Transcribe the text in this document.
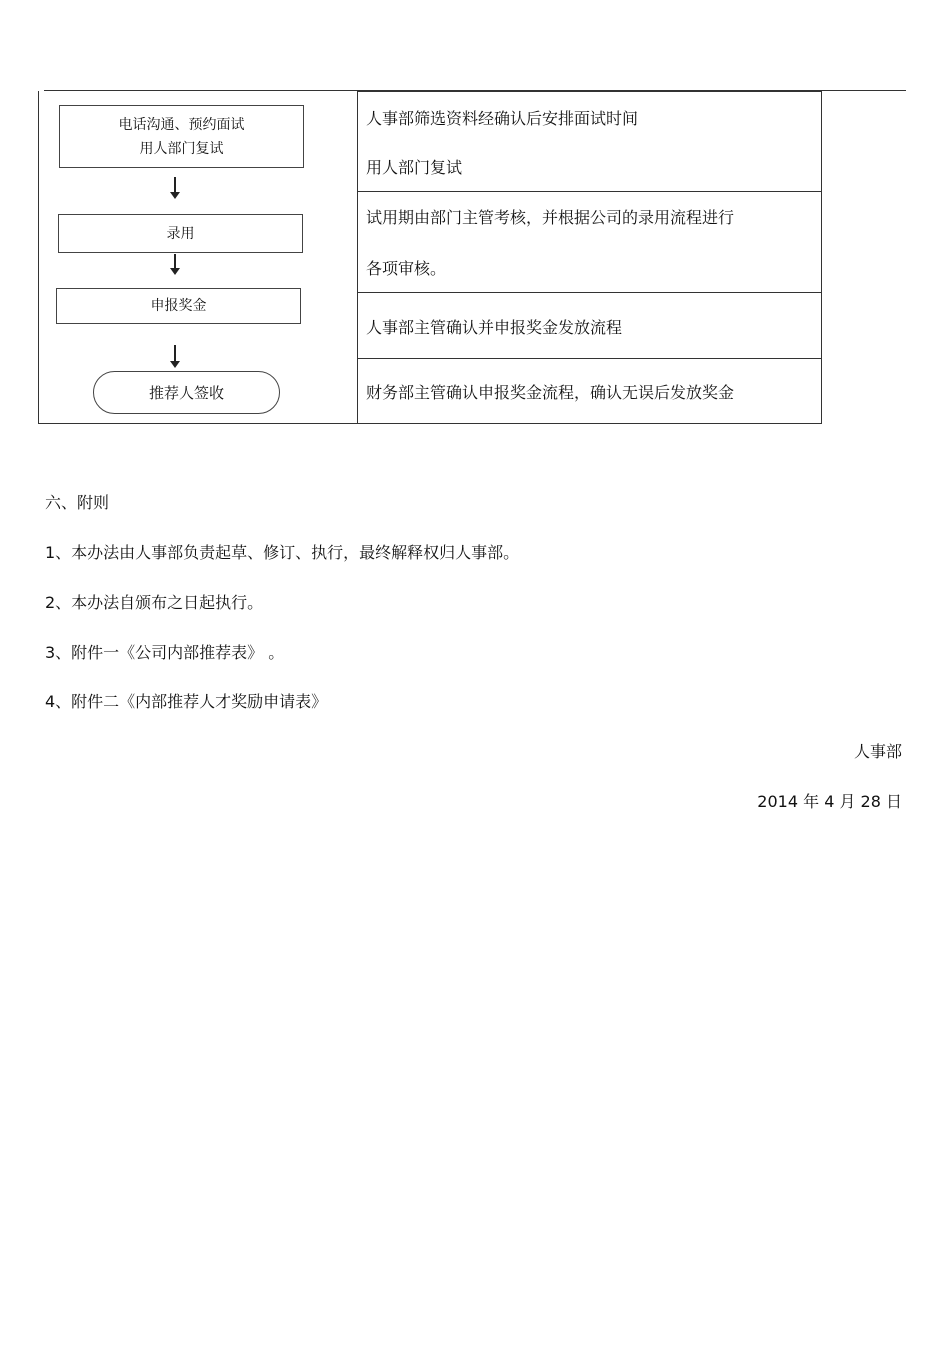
电话沟通、预约面试
用人部门复试
录用
申报奖金
推荐人签收
人事部筛选资料经确认后安排面试时间
用人部门复试
试用期由部门主管考核，并根据公司的录用流程进行
各项审核。
人事部主管确认并申报奖金发放流程
财务部主管确认申报奖金流程，确认无误后发放奖金
六、附则
1、本办法由人事部负责起草、修订、执行，最终解释权归人事部。
2、本办法自颁布之日起执行。
3、附件一《公司内部推荐表》 。
4、附件二《内部推荐人才奖励申请表》
人事部
2014 年 4 月 28 日
